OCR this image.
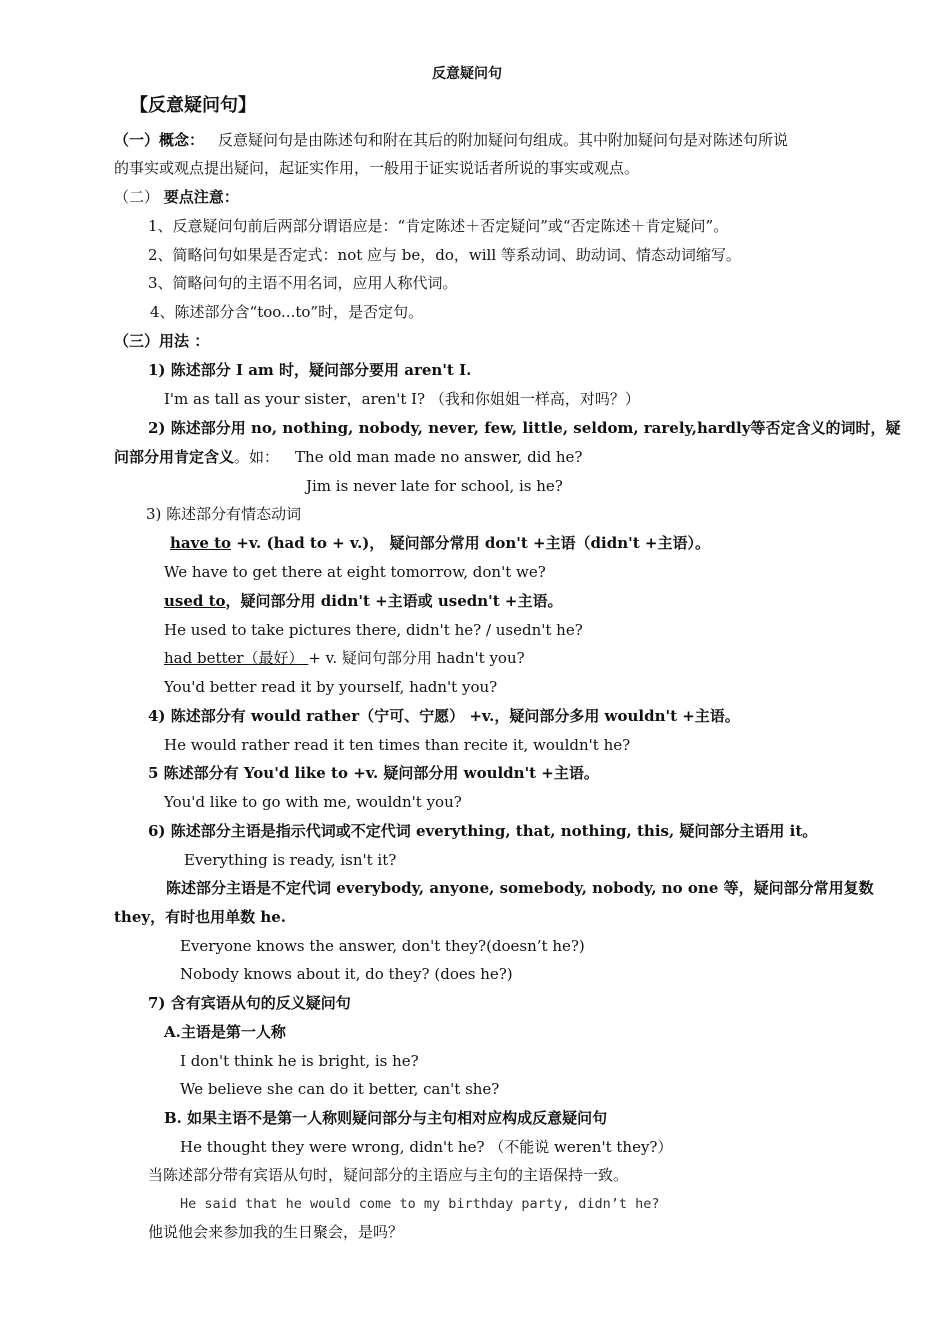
反意疑问句
【反意疑问句】
（一）概念： 反意疑问句是由陈述句和附在其后的附加疑问句组成。其中附加疑问句是对陈述句所说
的事实或观点提出疑问，起证实作用，一般用于证实说话者所说的事实或观点。
（二） 要点注意：
1、反意疑问句前后两部分谓语应是：“肯定陈述＋否定疑问”或“否定陈述＋肯定疑问”。
2、简略问句如果是否定式：not 应与 be，do，will 等系动词、助动词、情态动词缩写。
3、简略问句的主语不用名词，应用人称代词。
4、陈述部分含“too...to”时，是否定句。
（三）用法 ：
1) 陈述部分 I am 时，疑问部分要用 aren't I.
I'm as tall as your sister，aren't I? （我和你姐姐一样高，对吗？）
2) 陈述部分用 no, nothing, nobody, never, few, little, seldom, rarely,hardly等否定含义的词时，疑
问部分用肯定含义。如： The old man made no answer, did he?
Jim is never late for school, is he?
3) 陈述部分有情态动词
have to +v. (had to + v.)， 疑问部分常用 don't +主语（didn't +主语）。
We have to get there at eight tomorrow, don't we?
used to，疑问部分用 didn't +主语或 usedn't +主语。
He used to take pictures there, didn't he? / usedn't he?
had better（最好） + v. 疑问句部分用 hadn't you?
You'd better read it by yourself, hadn't you?
4) 陈述部分有 would rather（宁可、宁愿） +v.，疑问部分多用 wouldn't +主语。
He would rather read it ten times than recite it, wouldn't he?
5 陈述部分有 You'd like to +v. 疑问部分用 wouldn't +主语。
You'd like to go with me, wouldn't you?
6) 陈述部分主语是指示代词或不定代词 everything, that, nothing, this, 疑问部分主语用 it。
Everything is ready, isn't it?
陈述部分主语是不定代词 everybody, anyone, somebody, nobody, no one 等，疑问部分常用复数
they，有时也用单数 he.
Everyone knows the answer, don't they?(doesn’t he?)
Nobody knows about it, do they? (does he?)
7) 含有宾语从句的反义疑问句
A.主语是第一人称
I don't think he is bright, is he?
We believe she can do it better, can't she?
B. 如果主语不是第一人称则疑问部分与主句相对应构成反意疑问句
He thought they were wrong, didn't he? （不能说 weren't they?）
当陈述部分带有宾语从句时，疑问部分的主语应与主句的主语保持一致。
He said that he would come to my birthday party, didn’t he?
他说他会来参加我的生日聚会，是吗？
